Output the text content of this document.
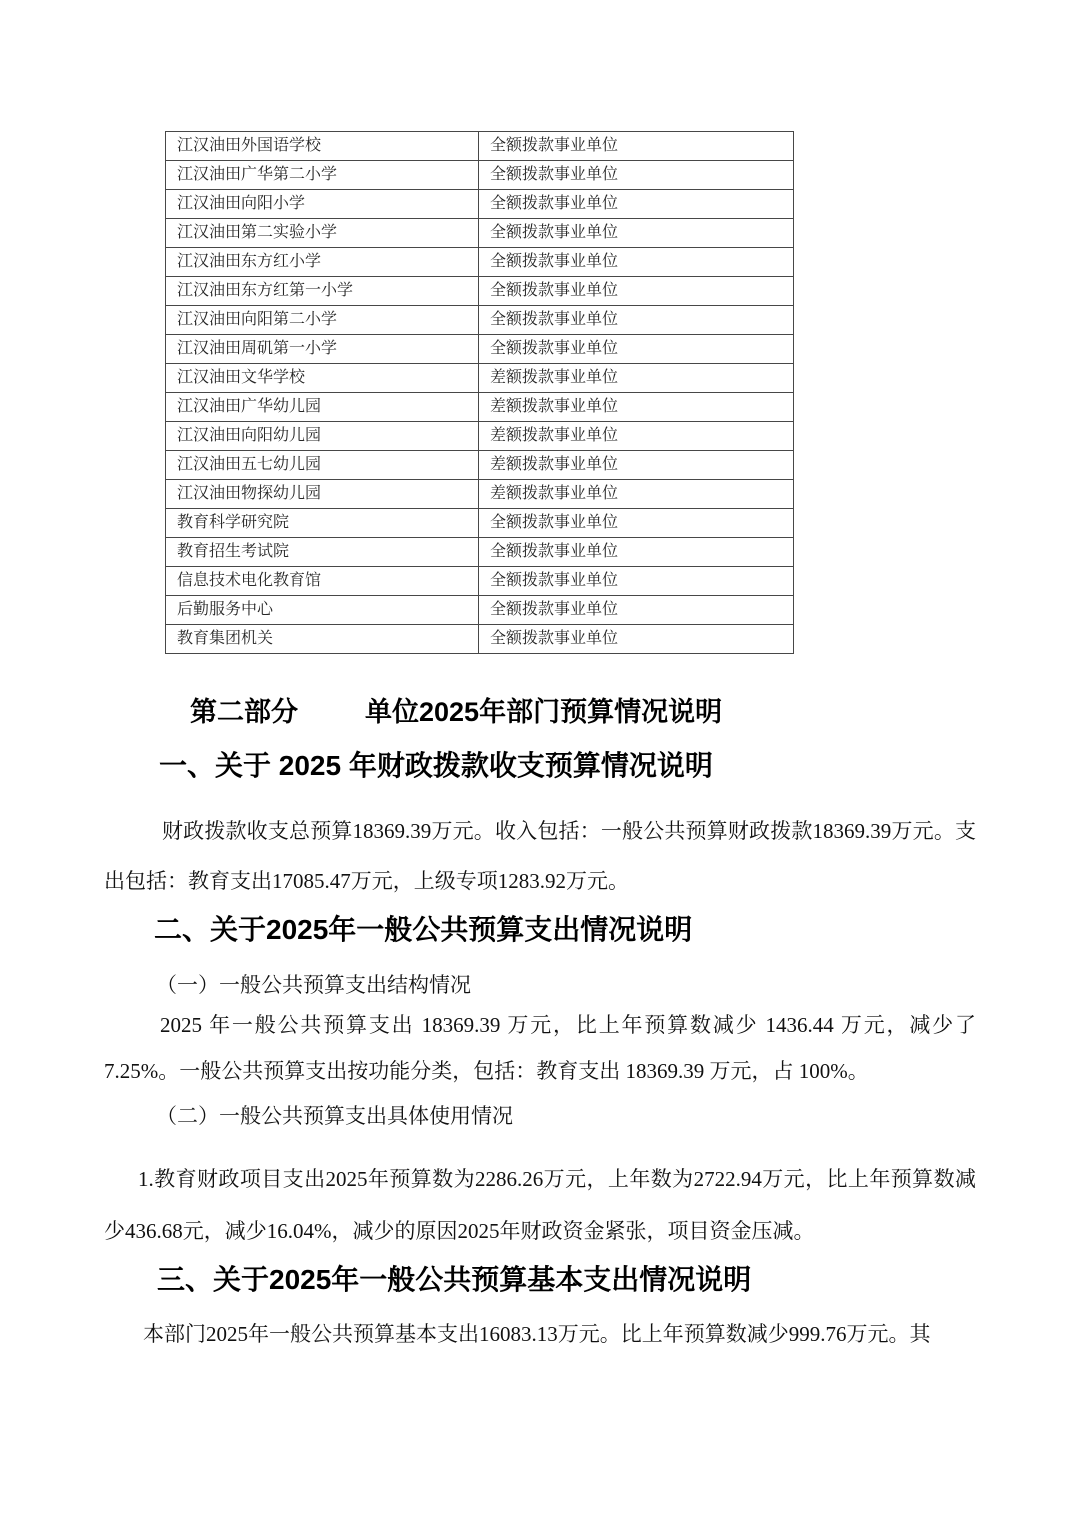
江汉油田外国语学校	全额拨款事业单位
江汉油田广华第二小学	全额拨款事业单位
江汉油田向阳小学	全额拨款事业单位
江汉油田第二实验小学	全额拨款事业单位
江汉油田东方红小学	全额拨款事业单位
江汉油田东方红第一小学	全额拨款事业单位
江汉油田向阳第二小学	全额拨款事业单位
江汉油田周矶第一小学	全额拨款事业单位
江汉油田文华学校	差额拨款事业单位
江汉油田广华幼儿园	差额拨款事业单位
江汉油田向阳幼儿园	差额拨款事业单位
江汉油田五七幼儿园	差额拨款事业单位
江汉油田物探幼儿园	差额拨款事业单位
教育科学研究院	全额拨款事业单位
教育招生考试院	全额拨款事业单位
信息技术电化教育馆	全额拨款事业单位
后勤服务中心	全额拨款事业单位
教育集团机关	全额拨款事业单位
第二部分 单位2025年部门预算情况说明
一、关于 2025 年财政拨款收支预算情况说明

财政拨款收支总预算18369.39万元。收入包括：一般公共预算财政拨款18369.39万元。支出包括：教育支出17085.47万元，上级专项1283.92万元。

二、关于2025年一般公共预算支出情况说明

（一）一般公共预算支出结构情况

2025 年一般公共预算支出 18369.39 万元，比上年预算数减少 1436.44 万元，减少了 7.25%。一般公共预算支出按功能分类，包括：教育支出 18369.39 万元，占 100%。

（二）一般公共预算支出具体使用情况

1.教育财政项目支出2025年预算数为2286.26万元，上年数为2722.94万元，比上年预算数减少436.68元，减少16.04%，减少的原因2025年财政资金紧张，项目资金压减。

三、关于2025年一般公共预算基本支出情况说明

本部门2025年一般公共预算基本支出16083.13万元。比上年预算数减少999.76万元。其
